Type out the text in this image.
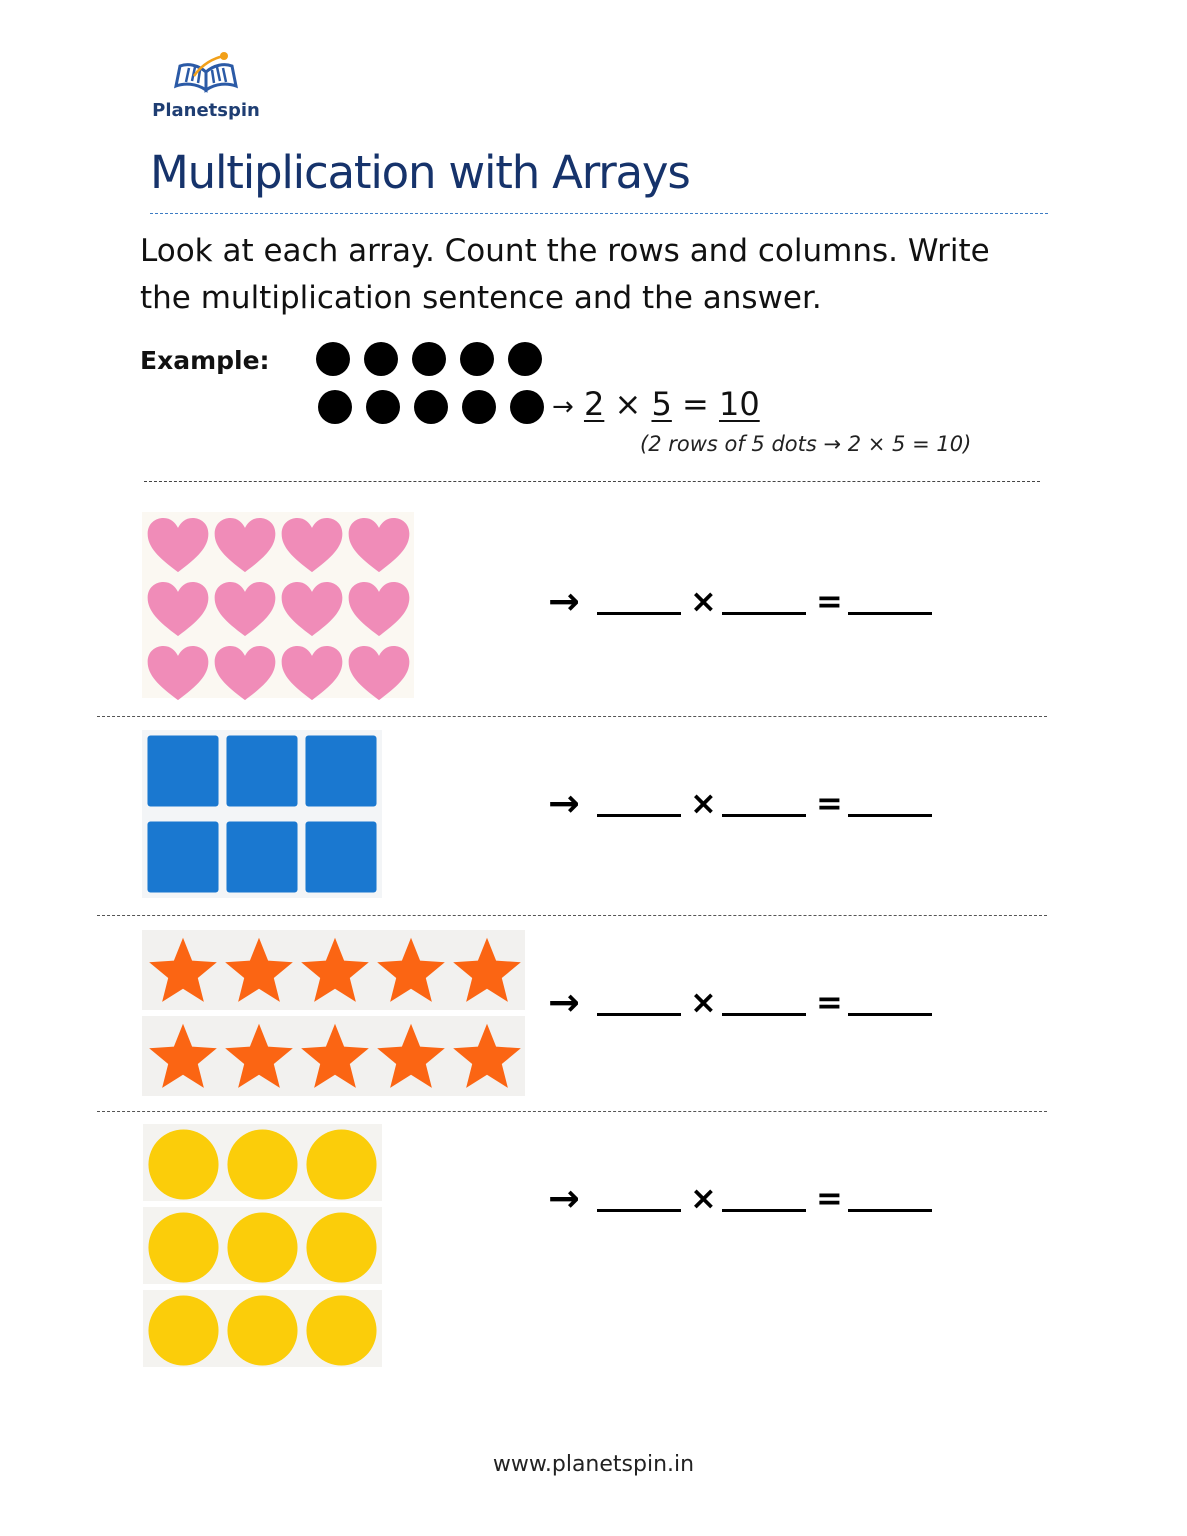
Planetspin
Multiplication with Arrays
Look at each array. Count the rows and columns. Write the multiplication sentence and the answer.
Example:
→ 2 × 5 = 10
(2 rows of 5 dots → 2 × 5 = 10)
→	×	=
→	×	=
→	×	=
→	×	=
www.planetspin.in
